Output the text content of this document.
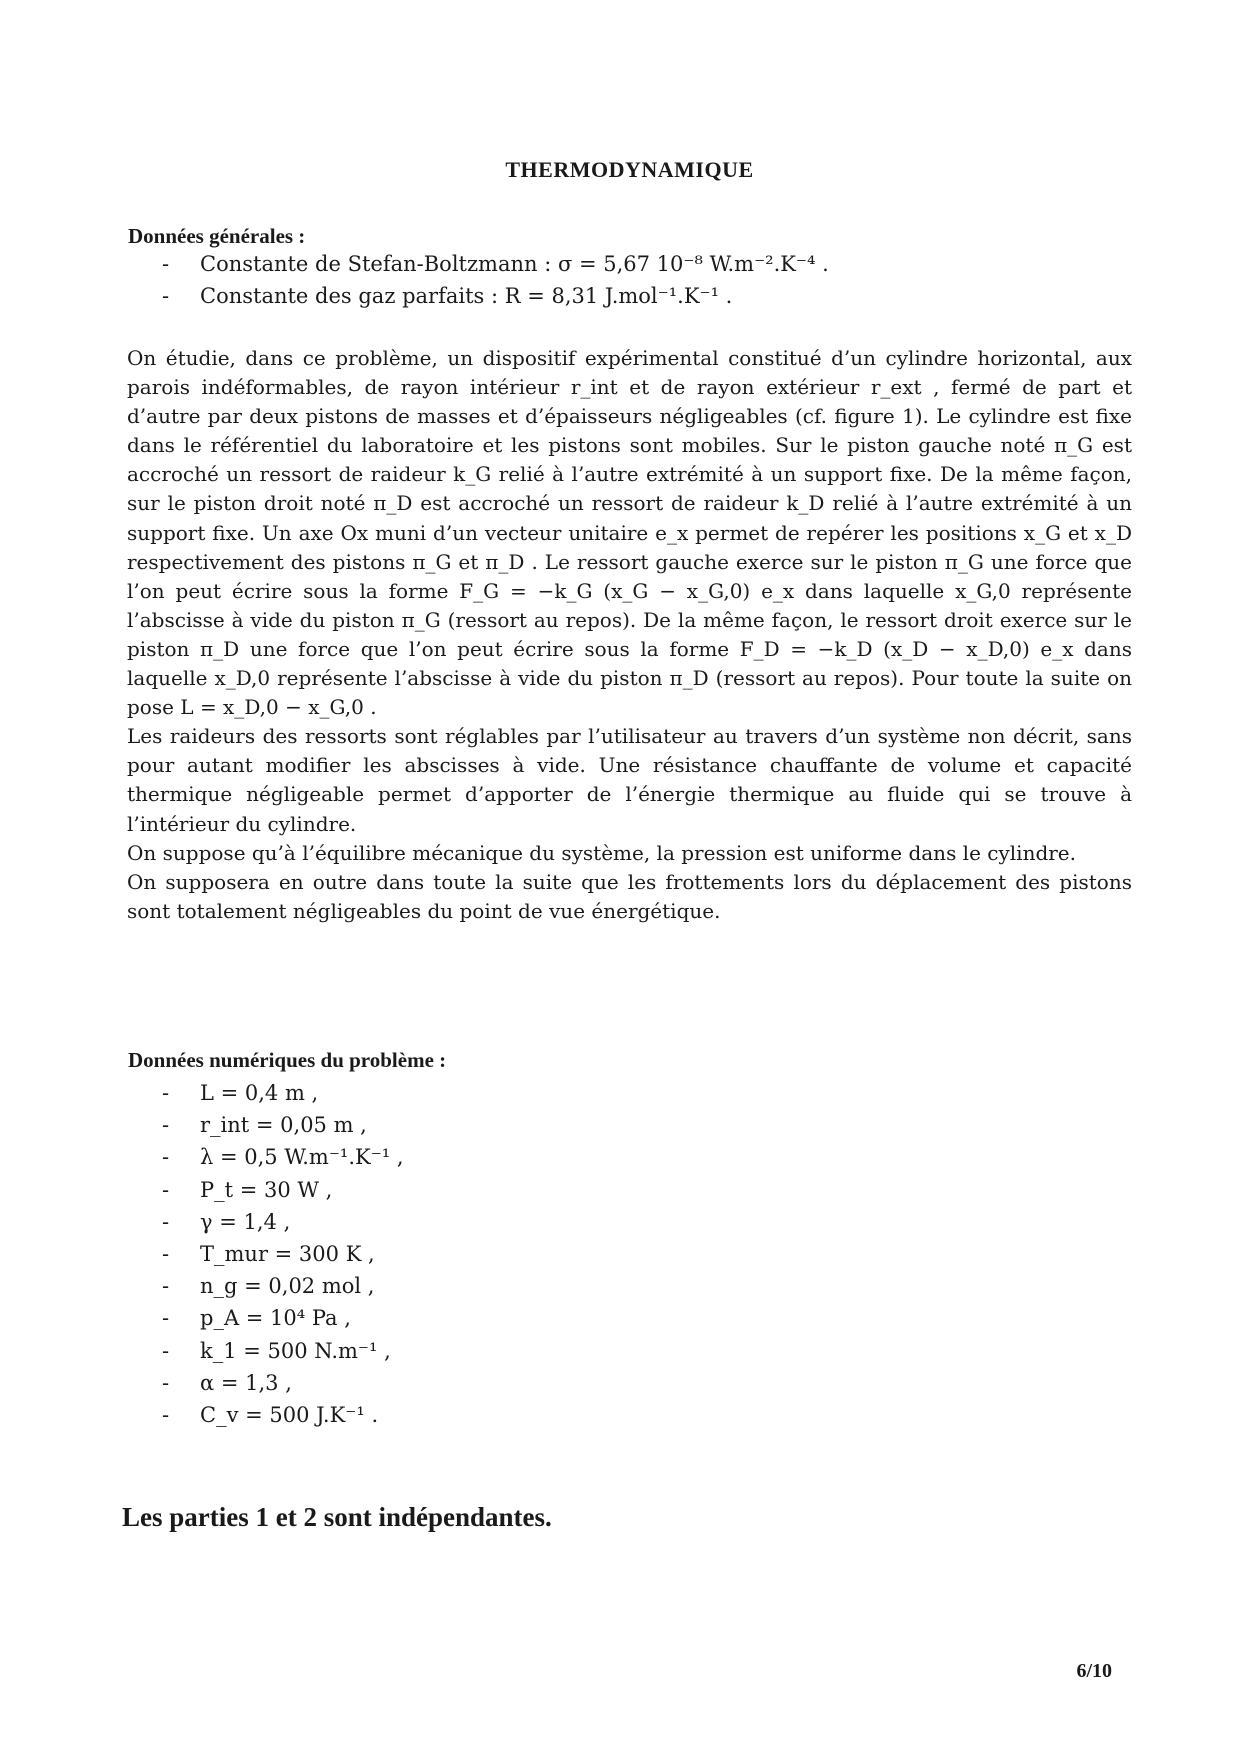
THERMODYNAMIQUE
Données générales :
- Constante de Stefan-Boltzmann : σ = 5,67 10⁻⁸ W.m⁻².K⁻⁴ .
- Constante des gaz parfaits : R = 8,31 J.mol⁻¹.K⁻¹ .

On étudie, dans ce problème, un dispositif expérimental constitué d’un cylindre horizontal, aux parois indéformables, de rayon intérieur r_int et de rayon extérieur r_ext , fermé de part et d’autre par deux pistons de masses et d’épaisseurs négligeables (cf. figure 1). Le cylindre est fixe dans le référentiel du laboratoire et les pistons sont mobiles. Sur le piston gauche noté π_G est accroché un ressort de raideur k_G relié à l’autre extrémité à un support fixe. De la même façon, sur le piston droit noté π_D est accroché un ressort de raideur k_D relié à l’autre extrémité à un support fixe. Un axe Ox muni d’un vecteur unitaire e_x permet de repérer les positions x_G et x_D respectivement des pistons π_G et π_D . Le ressort gauche exerce sur le piston π_G une force que l’on peut écrire sous la forme F_G = −k_G (x_G − x_G,0) e_x dans laquelle x_G,0 représente l’abscisse à vide du piston π_G (ressort au repos). De la même façon, le ressort droit exerce sur le piston π_D une force que l’on peut écrire sous la forme F_D = −k_D (x_D − x_D,0) e_x dans laquelle x_D,0 représente l’abscisse à vide du piston π_D (ressort au repos). Pour toute la suite on pose L = x_D,0 − x_G,0 .

Les raideurs des ressorts sont réglables par l’utilisateur au travers d’un système non décrit, sans pour autant modifier les abscisses à vide. Une résistance chauffante de volume et capacité thermique négligeable permet d’apporter de l’énergie thermique au fluide qui se trouve à l’intérieur du cylindre.

On suppose qu’à l’équilibre mécanique du système, la pression est uniforme dans le cylindre.

On supposera en outre dans toute la suite que les frottements lors du déplacement des pistons sont totalement négligeables du point de vue énergétique.

Données numériques du problème :
- L = 0,4 m ,
- r_int = 0,05 m ,
- λ = 0,5 W.m⁻¹.K⁻¹ ,
- P_t = 30 W ,
- γ = 1,4 ,
- T_mur = 300 K ,
- n_g = 0,02 mol ,
- p_A = 10⁴ Pa ,
- k_1 = 500 N.m⁻¹ ,
- α = 1,3 ,
- C_v = 500 J.K⁻¹ .
Les parties 1 et 2 sont indépendantes.
6/10
